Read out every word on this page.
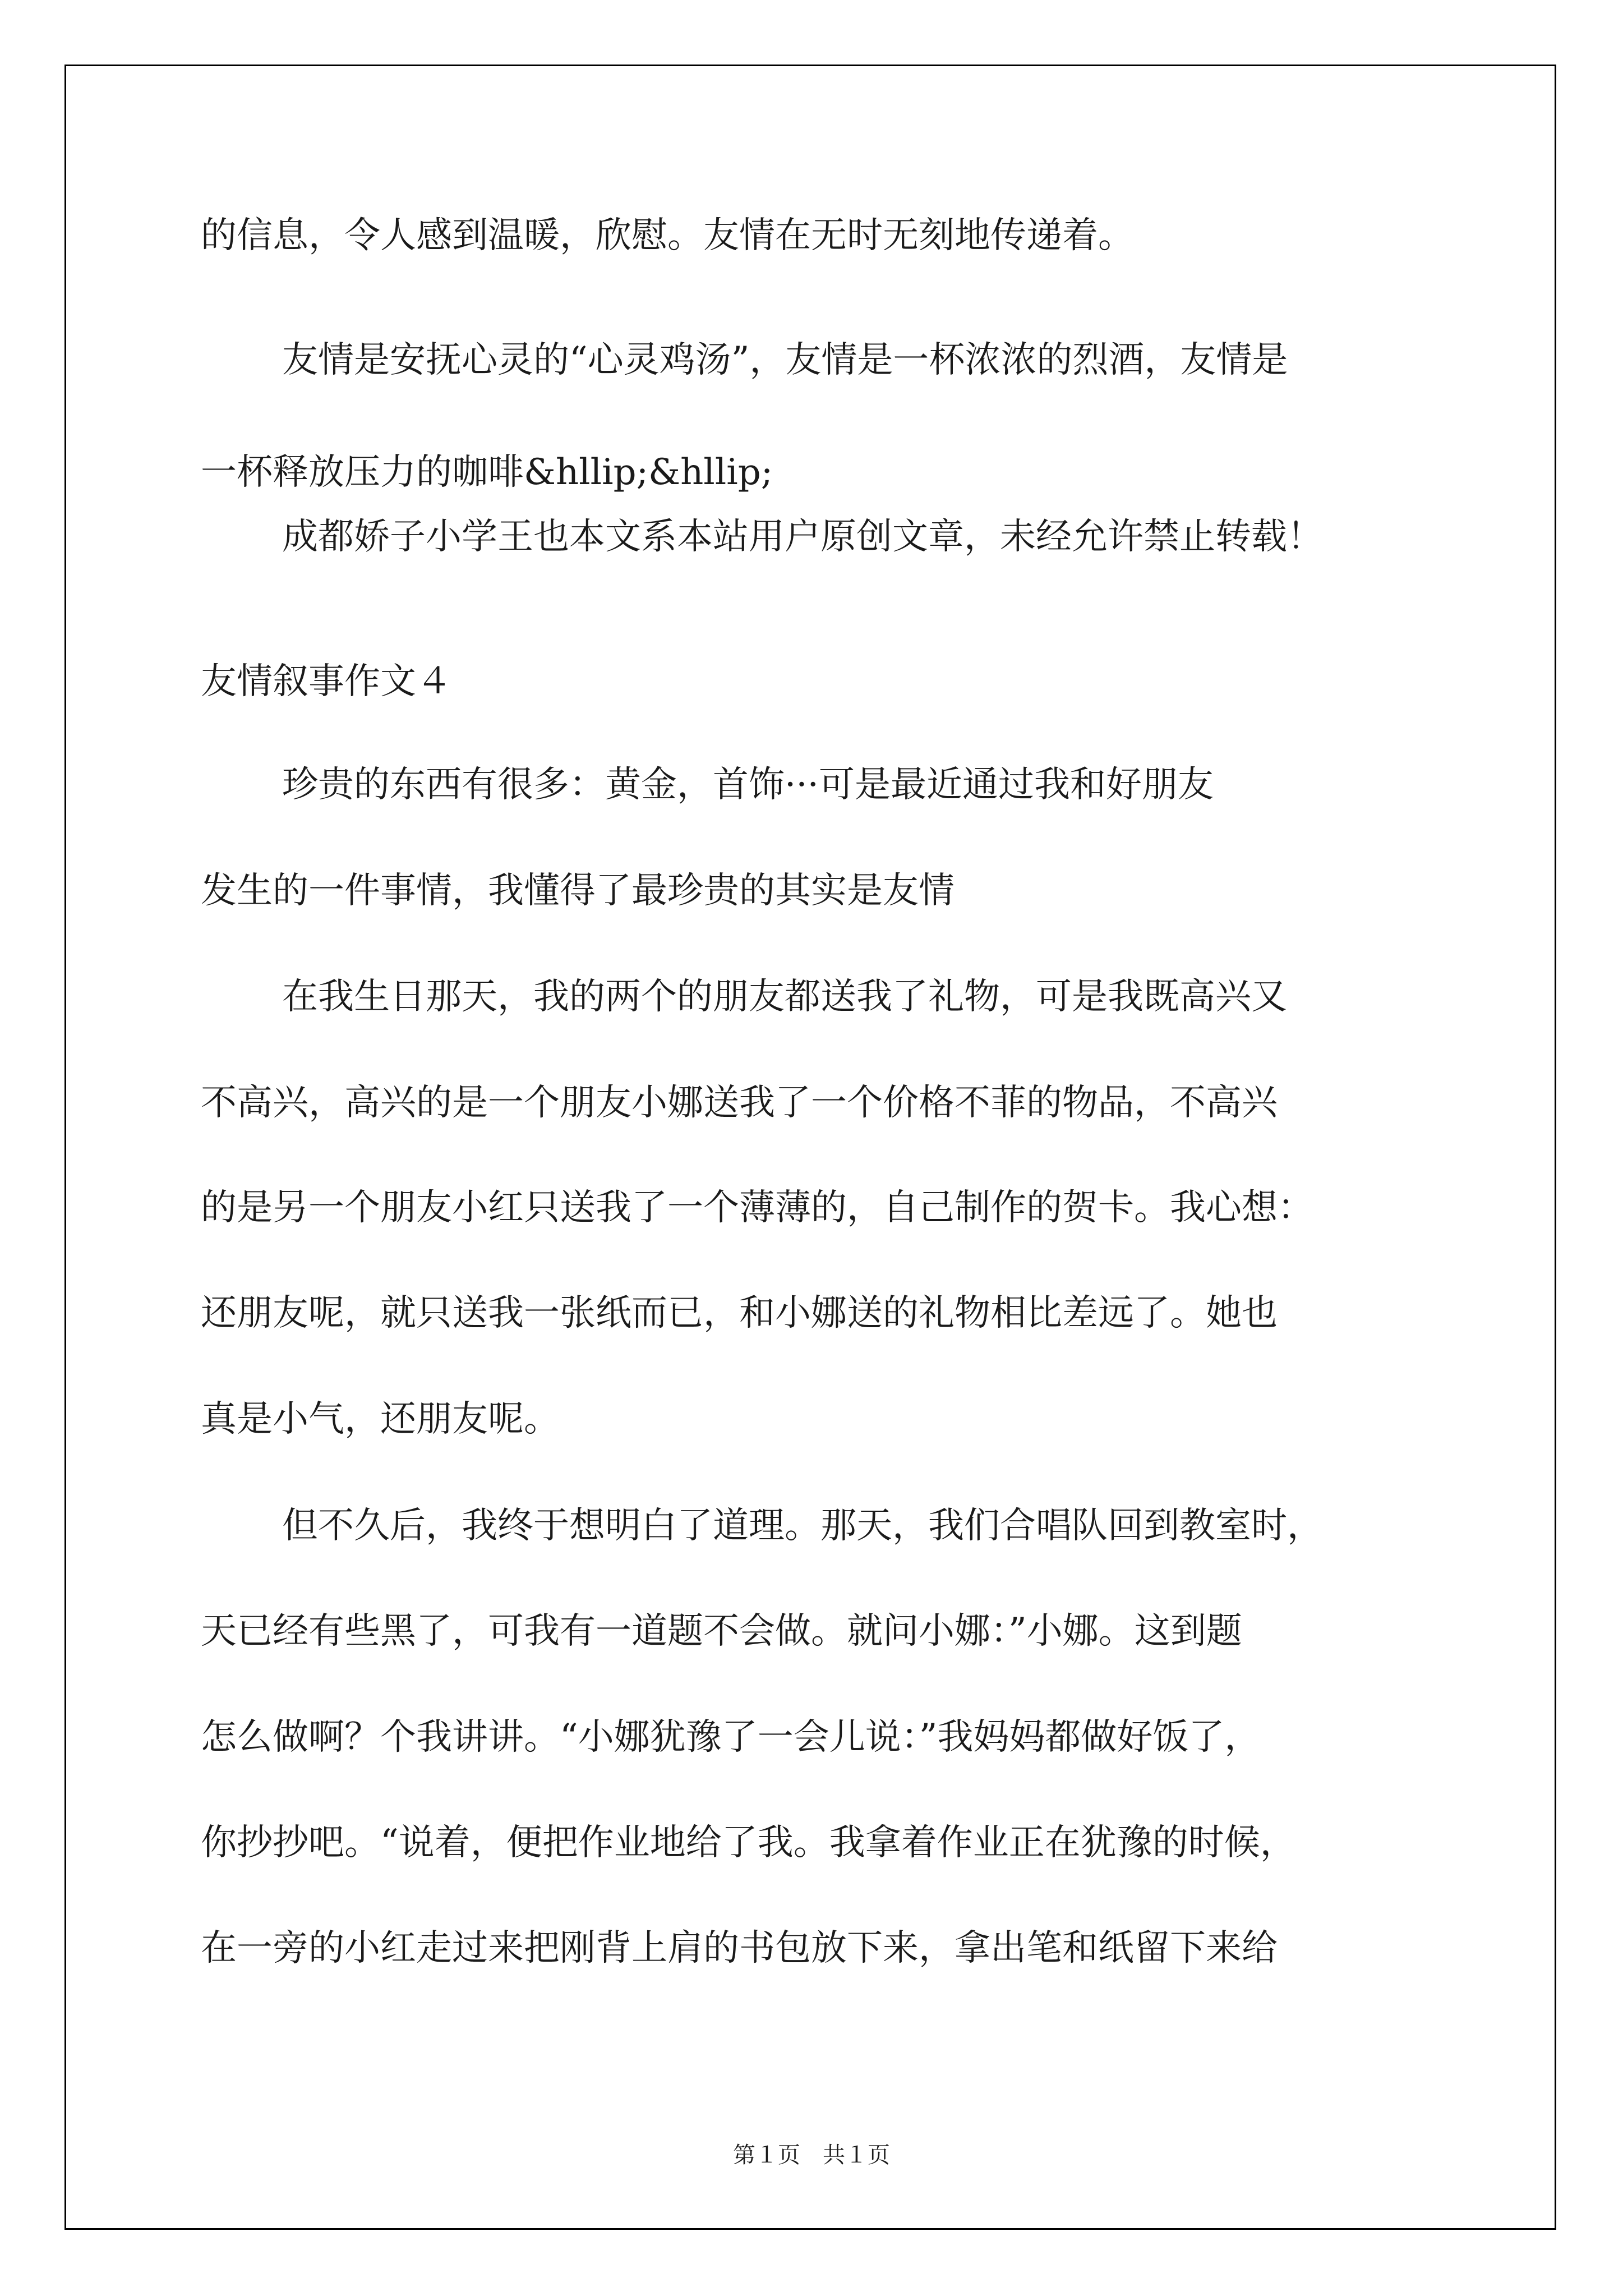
的信息，令人感到温暖，欣慰。友情在无时无刻地传递着。

友情是安抚心灵的“心灵鸡汤”，友情是一杯浓浓的烈酒，友情是

一杯释放压力的咖啡&hllip;&hllip;

成都娇子小学王也本文系本站用户原创文章，未经允许禁止转载！

友情叙事作文４

珍贵的东西有很多：黄金，首饰···可是最近通过我和好朋友

发生的一件事情，我懂得了最珍贵的其实是友情

在我生日那天，我的两个的朋友都送我了礼物，可是我既高兴又

不高兴，高兴的是一个朋友小娜送我了一个价格不菲的物品，不高兴

的是另一个朋友小红只送我了一个薄薄的，自己制作的贺卡。我心想：

还朋友呢，就只送我一张纸而已，和小娜送的礼物相比差远了。她也

真是小气，还朋友呢。

但不久后，我终于想明白了道理。那天，我们合唱队回到教室时，

天已经有些黑了，可我有一道题不会做。就问小娜：”小娜。这到题

怎么做啊？个我讲讲。“小娜犹豫了一会儿说：”我妈妈都做好饭了，

你抄抄吧。“说着，便把作业地给了我。我拿着作业正在犹豫的时候，

在一旁的小红走过来把刚背上肩的书包放下来，拿出笔和纸留下来给

第１页　共１页
